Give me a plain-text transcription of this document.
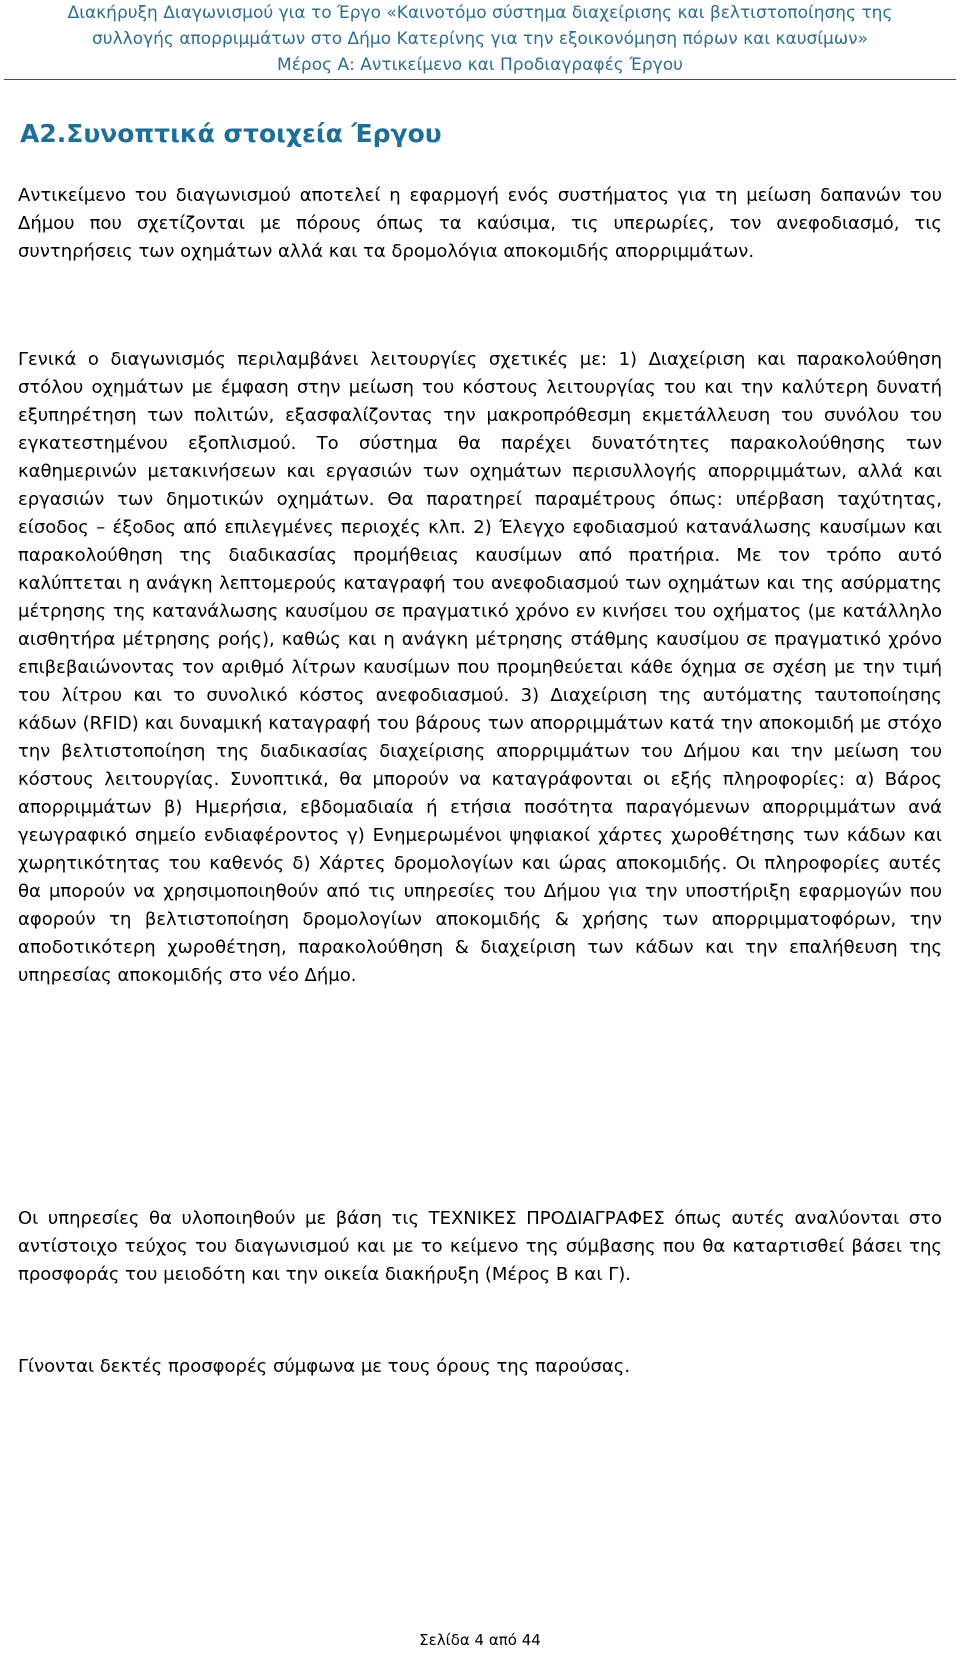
Διακήρυξη Διαγωνισμού για το Έργο «Καινοτόμο σύστημα διαχείρισης και βελτιστοποίησης της
συλλογής απορριμμάτων στο Δήμο Κατερίνης για την εξοικονόμηση πόρων και καυσίμων»
Μέρος Α: Αντικείμενο και Προδιαγραφές Έργου
Α2.Συνοπτικά στοιχεία Έργου

Αντικείμενο του διαγωνισμού αποτελεί η εφαρμογή ενός συστήματος για τη μείωση δαπανών του Δήμου που σχετίζονται με πόρους όπως τα καύσιμα, τις υπερωρίες, τον ανεφοδιασμό, τις συντηρήσεις των οχημάτων αλλά και τα δρομολόγια αποκομιδής απορριμμάτων.

Γενικά ο διαγωνισμός περιλαμβάνει λειτουργίες σχετικές με: 1) Διαχείριση και παρακολούθηση στόλου οχημάτων με έμφαση στην μείωση του κόστους λειτουργίας του και την καλύτερη δυνατή εξυπηρέτηση των πολιτών, εξασφαλίζοντας την μακροπρόθεσμη εκμετάλλευση του συνόλου του εγκατεστημένου εξοπλισμού. Το σύστημα θα παρέχει δυνατότητες παρακολούθησης των καθημερινών μετακινήσεων και εργασιών των οχημάτων περισυλλογής απορριμμάτων, αλλά και εργασιών των δημοτικών οχημάτων. Θα παρατηρεί παραμέτρους όπως: υπέρβαση ταχύτητας, είσοδος – έξοδος από επιλεγμένες περιοχές κλπ. 2) Έλεγχο εφοδιασμού κατανάλωσης καυσίμων και παρακολούθηση της διαδικασίας προμήθειας καυσίμων από πρατήρια. Με τον τρόπο αυτό καλύπτεται η ανάγκη λεπτομερούς καταγραφή του ανεφοδιασμού των οχημάτων και της ασύρματης μέτρησης της κατανάλωσης καυσίμου σε πραγματικό χρόνο εν κινήσει του οχήματος (με κατάλληλο αισθητήρα μέτρησης ροής), καθώς και η ανάγκη μέτρησης στάθμης καυσίμου σε πραγματικό χρόνο επιβεβαιώνοντας τον αριθμό λίτρων καυσίμων που προμηθεύεται κάθε όχημα σε σχέση με την τιμή του λίτρου και το συνολικό κόστος ανεφοδιασμού. 3) Διαχείριση της αυτόματης ταυτοποίησης κάδων (RFID) και δυναμική καταγραφή του βάρους των απορριμμάτων κατά την αποκομιδή με στόχο την βελτιστοποίηση της διαδικασίας διαχείρισης απορριμμάτων του Δήμου και την μείωση του κόστους λειτουργίας. Συνοπτικά, θα μπορούν να καταγράφονται οι εξής πληροφορίες: α) Βάρος απορριμμάτων β) Ημερήσια, εβδομαδιαία ή ετήσια ποσότητα παραγόμενων απορριμμάτων ανά γεωγραφικό σημείο ενδιαφέροντος γ) Ενημερωμένοι ψηφιακοί χάρτες χωροθέτησης των κάδων και χωρητικότητας του καθενός δ) Χάρτες δρομολογίων και ώρας αποκομιδής. Οι πληροφορίες αυτές θα μπορούν να χρησιμοποιηθούν από τις υπηρεσίες του Δήμου για την υποστήριξη εφαρμογών που αφορούν τη βελτιστοποίηση δρομολογίων αποκομιδής & χρήσης των απορριμματοφόρων, την αποδοτικότερη χωροθέτηση, παρακολούθηση & διαχείριση των κάδων και την επαλήθευση της υπηρεσίας αποκομιδής στο νέο Δήμο.

Οι υπηρεσίες θα υλοποιηθούν με βάση τις ΤΕΧΝΙΚΕΣ ΠΡΟΔΙΑΓΡΑΦΕΣ όπως αυτές αναλύονται στο αντίστοιχο τεύχος του διαγωνισμού και με το κείμενο της σύμβασης που θα καταρτισθεί βάσει της προσφοράς του μειοδότη και την οικεία διακήρυξη (Μέρος Β και Γ).

Γίνονται δεκτές προσφορές σύμφωνα με τους όρους της παρούσας.

Σελίδα 4 από 44
